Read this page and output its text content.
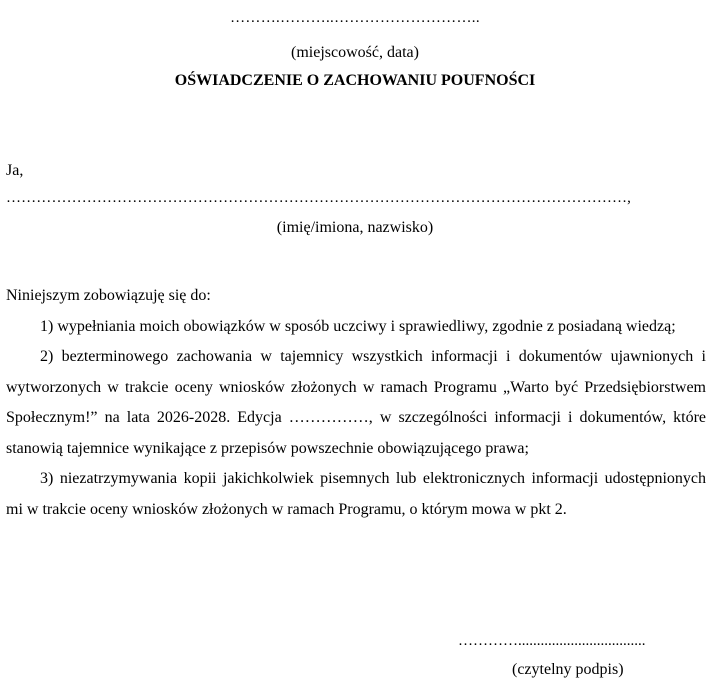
……….………..………………………..
(miejscowość, data)
OŚWIADCZENIE O ZACHOWANIU POUFNOŚCI
Ja,
……………………………………………………………………………………………………………,
(imię/imiona, nazwisko)

Niniejszym zobowiązuję się do:

1) wypełniania moich obowiązków w sposób uczciwy i sprawiedliwy, zgodnie z posiadaną wiedzą;

2) bezterminowego zachowania w tajemnicy wszystkich informacji i dokumentów ujawnionych i wytworzonych w trakcie oceny wniosków złożonych w ramach Programu „Warto być Przedsiębiorstwem Społecznym!” na lata 2026-2028. Edycja ……………, w szczególności informacji i dokumentów, które stanowią tajemnice wynikające z przepisów powszechnie obowiązującego prawa;

3) niezatrzymywania kopii jakichkolwiek pisemnych lub elektronicznych informacji udostępnionych mi w trakcie oceny wniosków złożonych w ramach Programu, o którym mowa w pkt 2.

…………..................................
(czytelny podpis)
